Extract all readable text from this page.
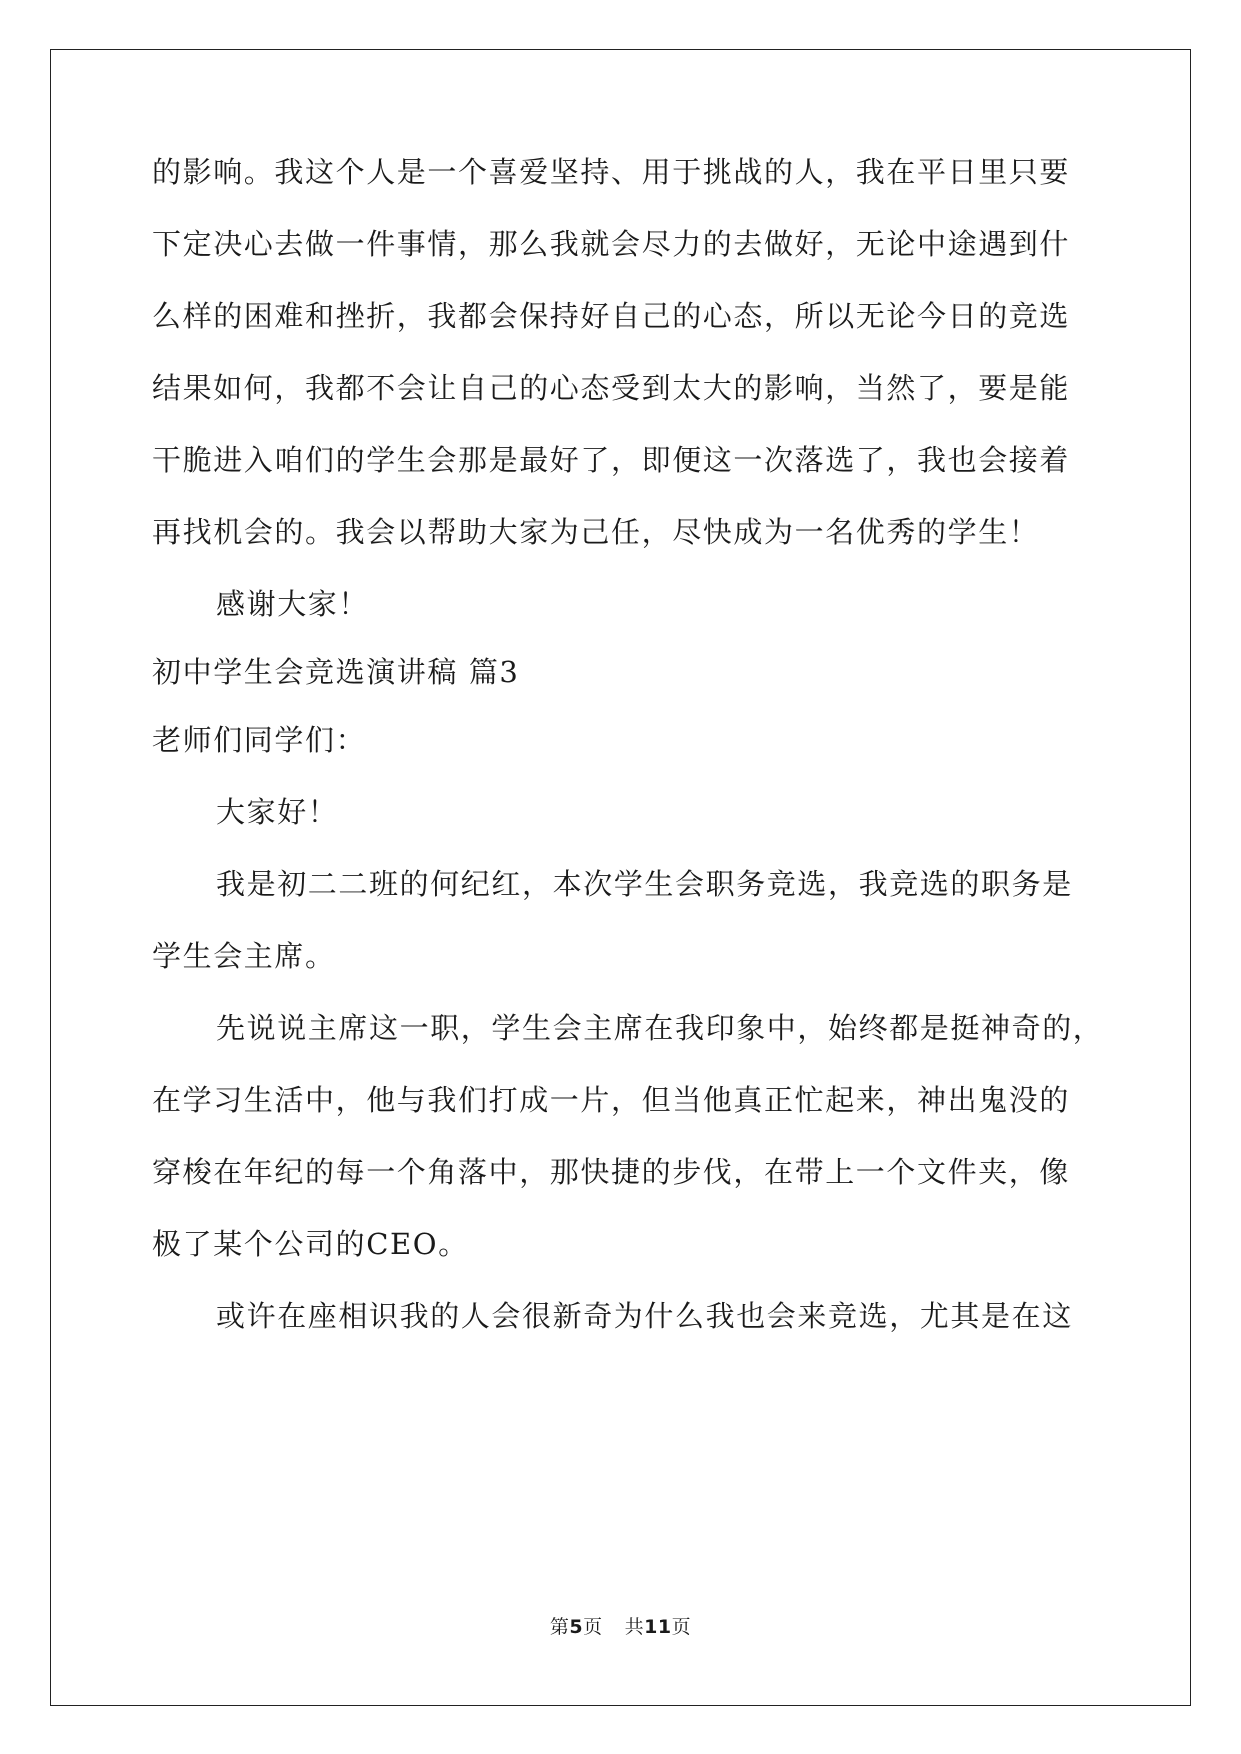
的影响。我这个人是一个喜爱坚持、用于挑战的人，我在平日里只要
下定决心去做一件事情，那么我就会尽力的去做好，无论中途遇到什
么样的困难和挫折，我都会保持好自己的心态，所以无论今日的竞选
结果如何，我都不会让自己的心态受到太大的影响，当然了，要是能
干脆进入咱们的学生会那是最好了，即便这一次落选了，我也会接着
再找机会的。我会以帮助大家为己任，尽快成为一名优秀的学生！
感谢大家！
初中学生会竞选演讲稿 篇3
老师们同学们：
大家好！
我是初二二班的何纪红，本次学生会职务竞选，我竞选的职务是
学生会主席。
先说说主席这一职，学生会主席在我印象中，始终都是挺神奇的，
在学习生活中，他与我们打成一片，但当他真正忙起来，神出鬼没的
穿梭在年纪的每一个角落中，那快捷的步伐，在带上一个文件夹，像
极了某个公司的CEO。
或许在座相识我的人会很新奇为什么我也会来竞选，尤其是在这
第5页 共11页
